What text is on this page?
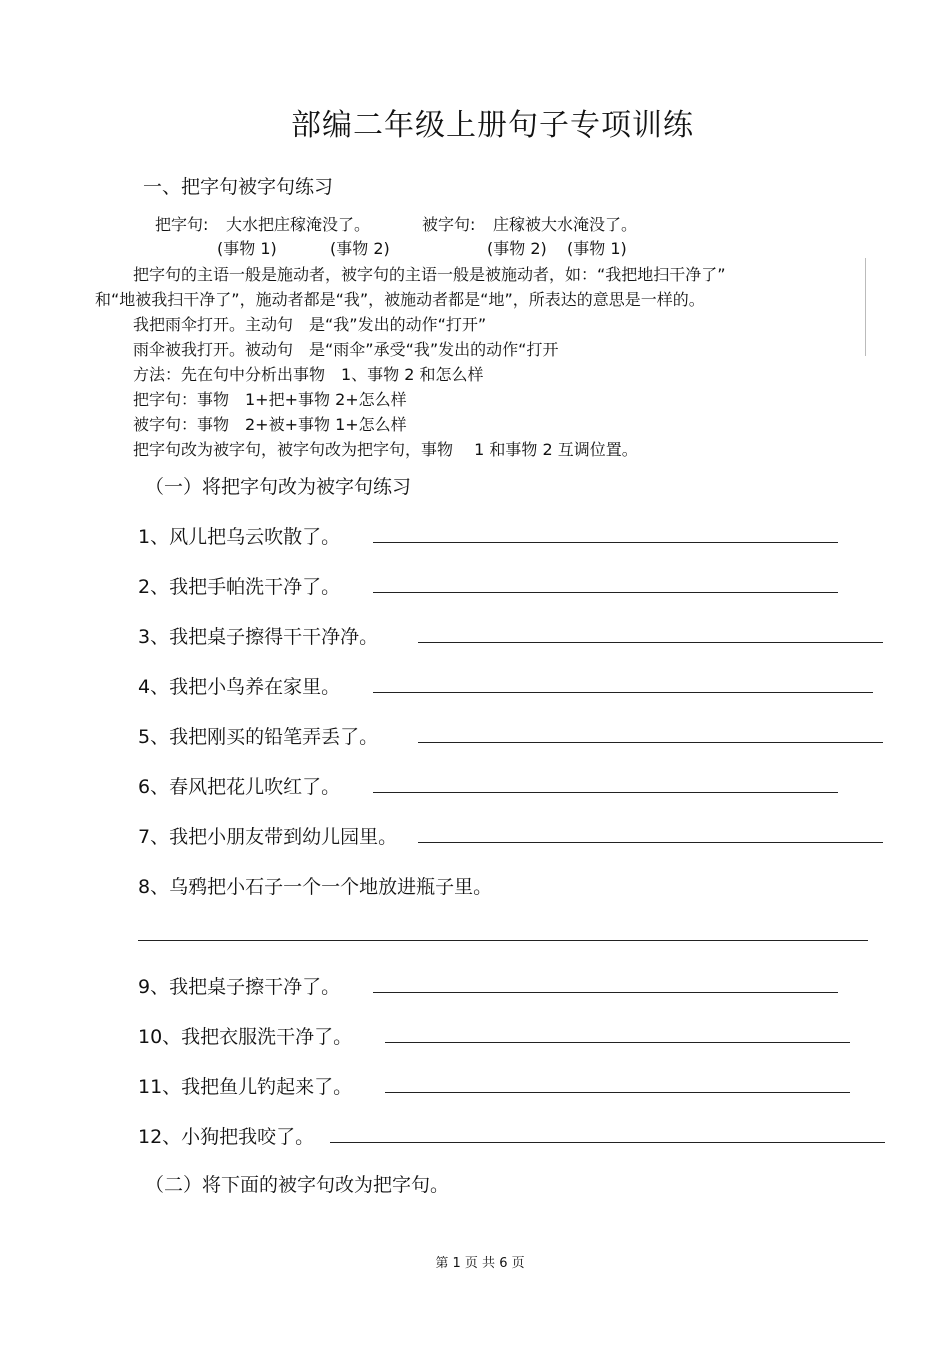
部编二年级上册句子专项训练
一、把字句被字句练习
把字句: 大水把庄稼淹没了。	被字句: 庄稼被大水淹没了。
(事物 1)	(事物 2)	(事物 2) (事物 1)
把字句的主语一般是施动者，被字句的主语一般是被施动者，如：“我把地扫干净了”
和“地被我扫干净了”，施动者都是“我”，被施动者都是“地”，所表达的意思是一样的。
我把雨伞打开。主动句　是“我”发出的动作“打开”
雨伞被我打开。被动句　是“雨伞”承受“我”发出的动作“打开
方法：先在句中分析出事物　1、事物 2 和怎么样
把字句：事物　1+把+事物 2+怎么样
被字句：事物　2+被+事物 1+怎么样
把字句改为被字句，被字句改为把字句，事物　 1 和事物 2 互调位置。
（一）将把字句改为被字句练习
1、风儿把乌云吹散了。
2、我把手帕洗干净了。
3、我把桌子擦得干干净净。
4、我把小鸟养在家里。
5、我把刚买的铅笔弄丢了。
6、春风把花儿吹红了。
7、我把小朋友带到幼儿园里。
8、乌鸦把小石子一个一个地放进瓶子里。
9、我把桌子擦干净了。
10、我把衣服洗干净了。
11、我把鱼儿钓起来了。
12、小狗把我咬了。
（二）将下面的被字句改为把字句。
第 1 页 共 6 页
